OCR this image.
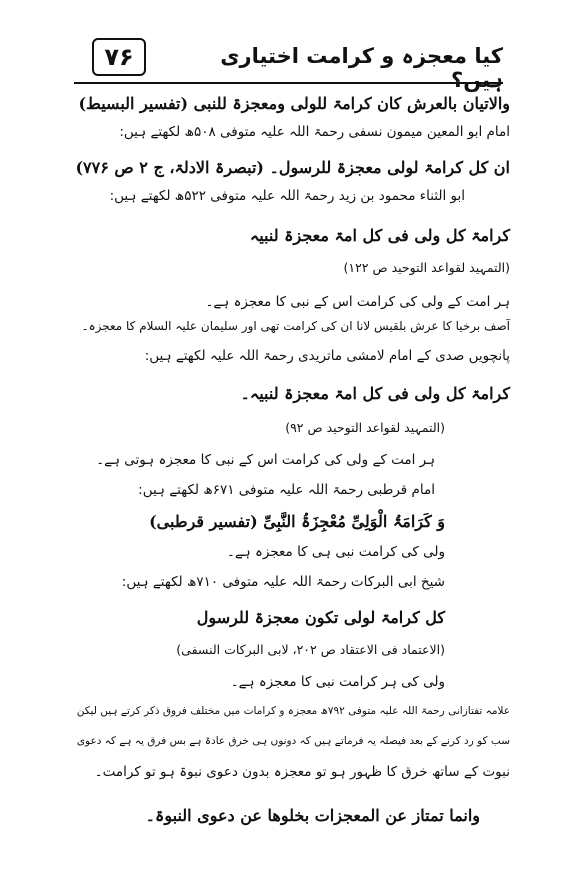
۷۶	کیا معجزہ و کرامت اختیاری ہیں؟
والاتیان بالعرش کان کرامۃ للولی ومعجزۃ للنبی (تفسیر البسیط)
امام ابو المعین میمون نسفی رحمۃ اللہ علیہ متوفی ۵۰۸ھ لکھتے ہیں:
ان کل کرامۃ لولی معجزۃ للرسول۔ (تبصرۃ الادلۃ، ج ۲ ص ۷۷۶)
ابو الثناء محمود بن زید رحمۃ اللہ علیہ متوفی ۵۲۲ھ لکھتے ہیں:
کرامۃ کل ولی فی کل امۃ معجزۃ لنبیہ
(التمہید لقواعد التوحید ص ۱۲۲)
ہر امت کے ولی کی کرامت اس کے نبی کا معجزہ ہے۔
آصف برخیا کا عرش بلقیس لانا ان کی کرامت تھی اور سلیمان علیہ السلام کا معجزہ۔
پانچویں صدی کے امام لامشی ماتریدی رحمۃ اللہ علیہ لکھتے ہیں:
کرامۃ کل ولی فی کل امۃ معجزۃ لنبیہ۔
(التمہید لقواعد التوحید ص ۹۲)
ہر امت کے ولی کی کرامت اس کے نبی کا معجزہ ہوتی ہے۔
امام قرطبی رحمۃ اللہ علیہ متوفی ۶۷۱ھ لکھتے ہیں:
وَ کَرَامَۃُ الْوَلِیِّ مُعْجِزَۃُ النَّبِیِّ (تفسیر قرطبی)
ولی کی کرامت نبی ہی کا معجزہ ہے۔
شیخ ابی البرکات رحمۃ اللہ علیہ متوفی ۷۱۰ھ لکھتے ہیں:
کل کرامۃ لولی تکون معجزۃ للرسول
(الاعتماد فی الاعتقاد ص ۲۰۲، لابی البرکات النسفی)
ولی کی ہر کرامت نبی کا معجزہ ہے۔
علامہ تفتازانی رحمۃ اللہ علیہ متوفی ۷۹۲ھ معجزہ و کرامات میں مختلف فروق ذکر کرتے ہیں لیکن
سب کو رد کرنے کے بعد فیصلہ یہ فرماتے ہیں کہ دونوں ہی خرق عادۃ ہے بس فرق یہ ہے کہ دعوی
نبوت کے ساتھ خرق کا ظہور ہو تو معجزہ بدون دعوی نبوۃ ہو تو کرامت۔
وانما تمتاز عن المعجزات بخلوھا عن دعوی النبوۃ۔
